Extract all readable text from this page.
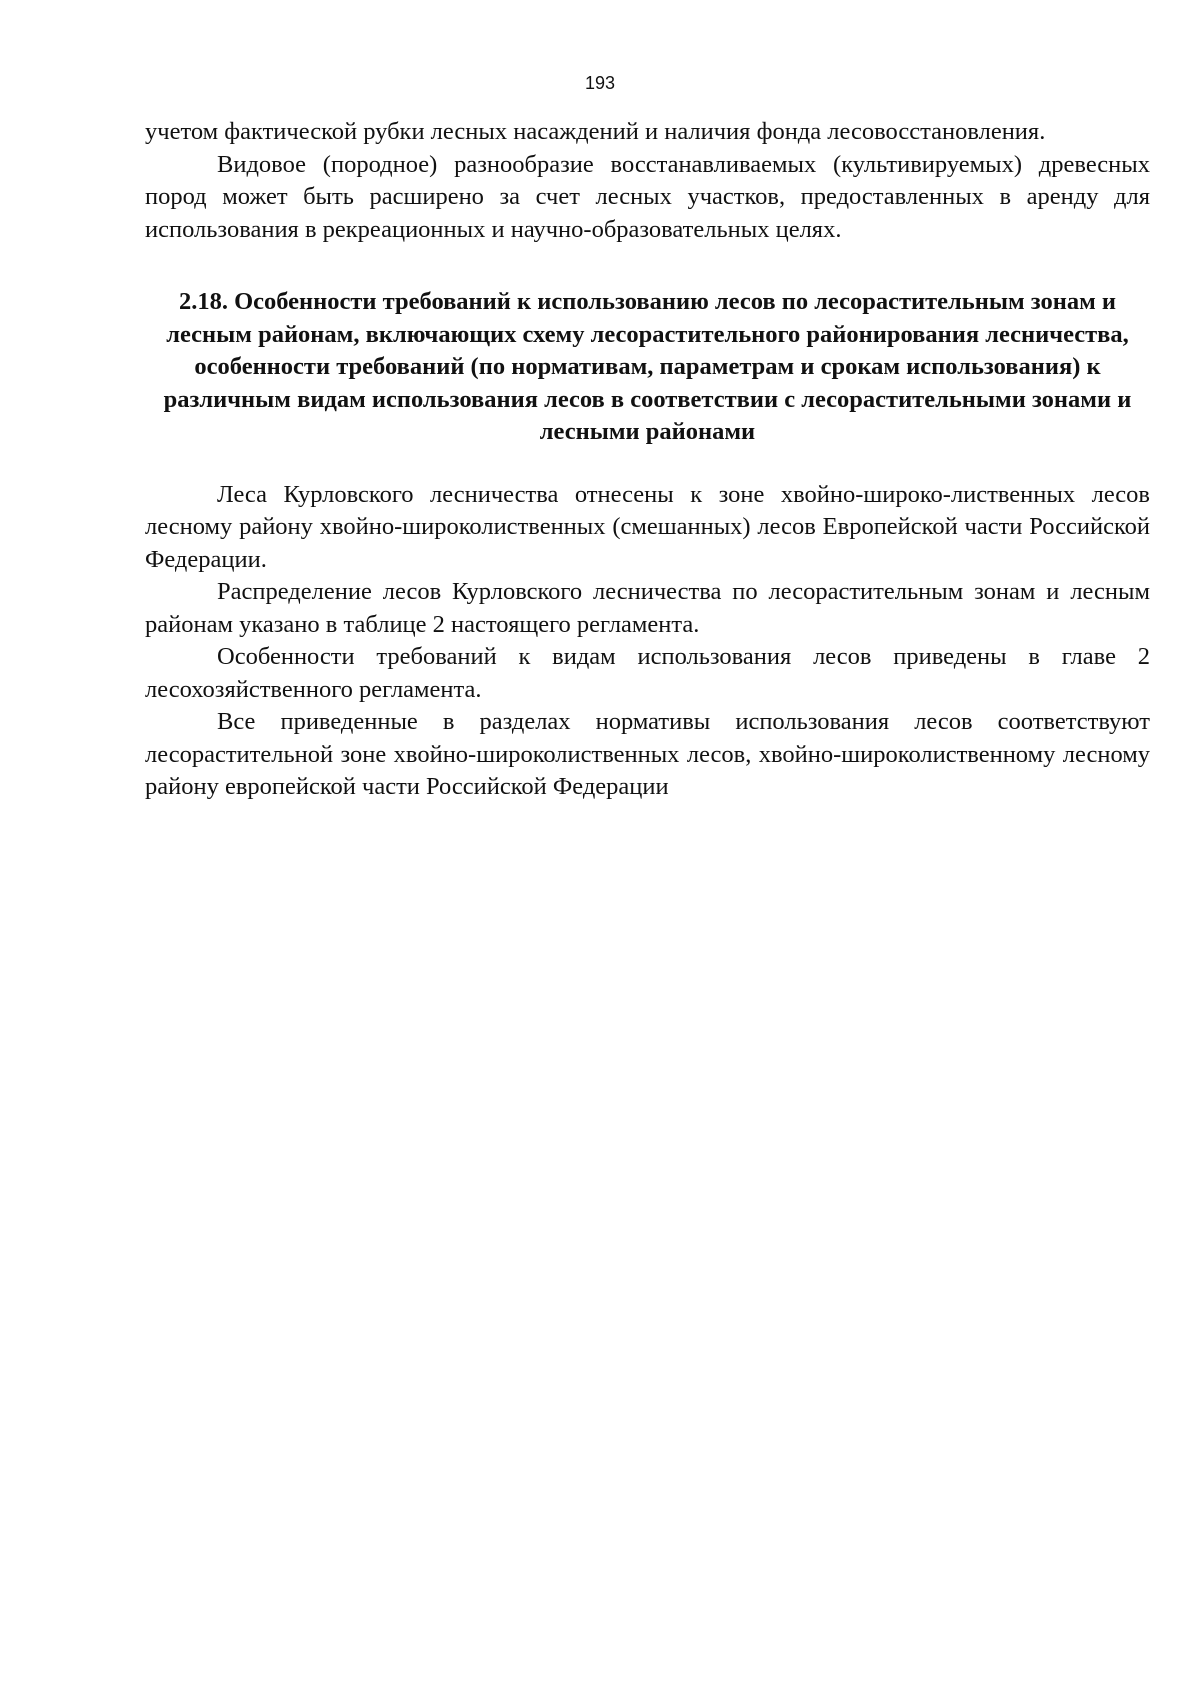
193

учетом фактической рубки лесных насаждений и наличия фонда лесовосстановления.

Видовое (породное) разнообразие восстанавливаемых (культивируемых) древесных пород может быть расширено за счет лесных участков, предоставленных в аренду для использования в рекреационных и научно-образовательных целях.

2.18. Особенности требований к использованию лесов по лесорастительным зонам и лесным районам, включающих схему лесорастительного районирования лесничества, особенности требований (по нормативам, параметрам и срокам использования) к различным видам использования лесов в соответствии с лесорастительными зонами и лесными районами

Леса Курловского лесничества отнесены к зоне хвойно-широко-лиственных лесов лесному району хвойно-широколиственных (смешанных) лесов Европейской части Российской Федерации.

Распределение лесов Курловского лесничества по лесорастительным зонам и лесным районам указано в таблице 2 настоящего регламента.

Особенности требований к видам использования лесов приведены в главе 2 лесохозяйственного регламента.

Все приведенные в разделах нормативы использования лесов соответствуют лесорастительной зоне хвойно-широколиственных лесов, хвойно-широколиственному лесному району европейской части Российской Федерации
